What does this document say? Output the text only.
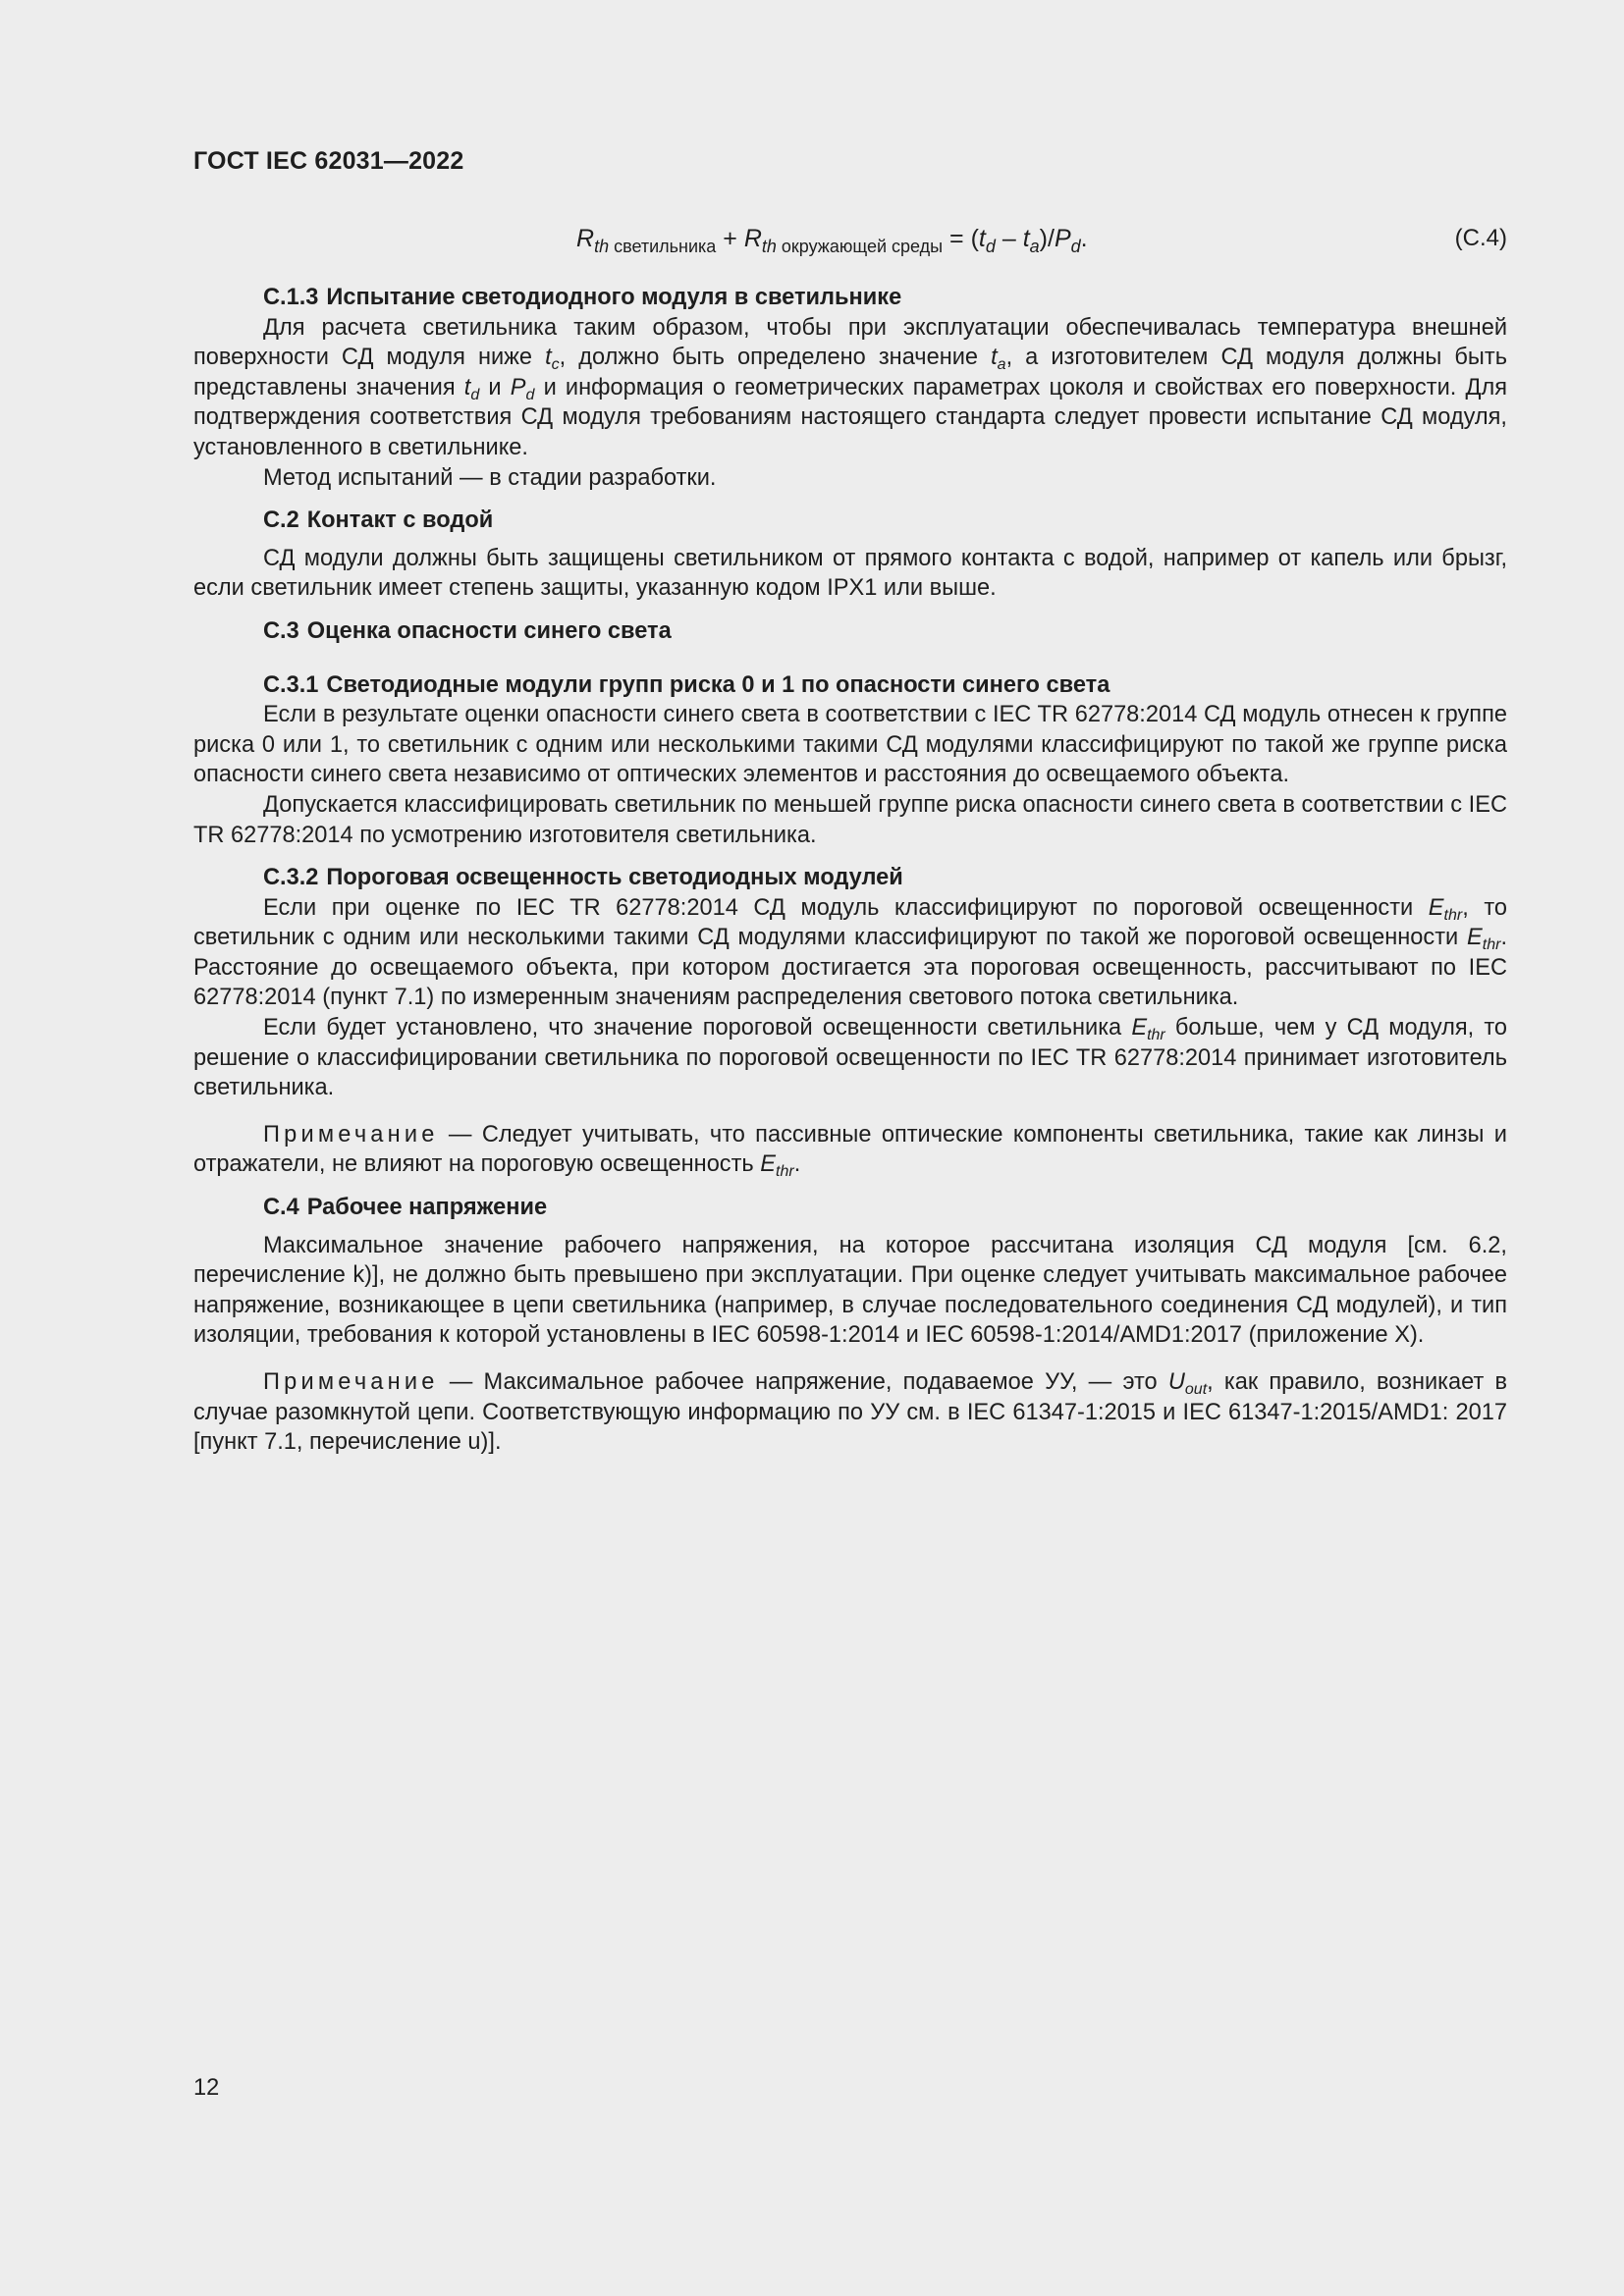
ГОСТ IEC 62031—2022
$R_{th}$ $_{светильника} + R_{th}$ $_{окружающей среды} = (t_d - t_a)/P_d$.	(С.4)
С.1.3 Испытание светодиодного модуля в светильнике

Для расчета светильника таким образом, чтобы при эксплуатации обеспечивалась температура внешней поверхности СД модуля ниже $t_c$, должно быть определено значение $t_a$, а изготовителем СД модуля должны быть представлены значения $t_d$ и $P_d$ и информация о геометрических параметрах цоколя и свойствах его поверхности. Для подтверждения соответствия СД модуля требованиям настоящего стандарта следует провести испытание СД модуля, установленного в светильнике.

Метод испытаний — в стадии разработки.

С.2 Контакт с водой

СД модули должны быть защищены светильником от прямого контакта с водой, например от капель или брызг, если светильник имеет степень защиты, указанную кодом IPX1 или выше.

С.3 Оценка опасности синего света
С.3.1 Светодиодные модули групп риска 0 и 1 по опасности синего света

Если в результате оценки опасности синего света в соответствии с IEC TR 62778:2014 СД модуль отнесен к группе риска 0 или 1, то светильник с одним или несколькими такими СД модулями классифицируют по такой же группе риска опасности синего света независимо от оптических элементов и расстояния до освещаемого объекта.

Допускается классифицировать светильник по меньшей группе риска опасности синего света в соответствии с IEC TR 62778:2014 по усмотрению изготовителя светильника.

С.3.2 Пороговая освещенность светодиодных модулей

Если при оценке по IEC TR 62778:2014 СД модуль классифицируют по пороговой освещенности $E_{thr}$, то светильник с одним или несколькими такими СД модулями классифицируют по такой же пороговой освещенности $E_{thr}$. Расстояние до освещаемого объекта, при котором достигается эта пороговая освещенность, рассчитывают по IEC 62778:2014 (пункт 7.1) по измеренным значениям распределения светового потока светильника.

Если будет установлено, что значение пороговой освещенности светильника $E_{thr}$ больше, чем у СД модуля, то решение о классифицировании светильника по пороговой освещенности по IEC TR 62778:2014 принимает изготовитель светильника.

Примечание — Следует учитывать, что пассивные оптические компоненты светильника, такие как линзы и отражатели, не влияют на пороговую освещенность $E_{thr}$.

С.4 Рабочее напряжение

Максимальное значение рабочего напряжения, на которое рассчитана изоляция СД модуля [см. 6.2, перечисление k)], не должно быть превышено при эксплуатации. При оценке следует учитывать максимальное рабочее напряжение, возникающее в цепи светильника (например, в случае последовательного соединения СД модулей), и тип изоляции, требования к которой установлены в IEC 60598-1:2014 и IEC 60598-1:2014/AMD1:2017 (приложение X).

Примечание — Максимальное рабочее напряжение, подаваемое УУ, — это $U_{out}$, как правило, возникает в случае разомкнутой цепи. Соответствующую информацию по УУ см. в IEC 61347-1:2015 и IEC 61347-1:2015/AMD1: 2017 [пункт 7.1, перечисление u)].

12
